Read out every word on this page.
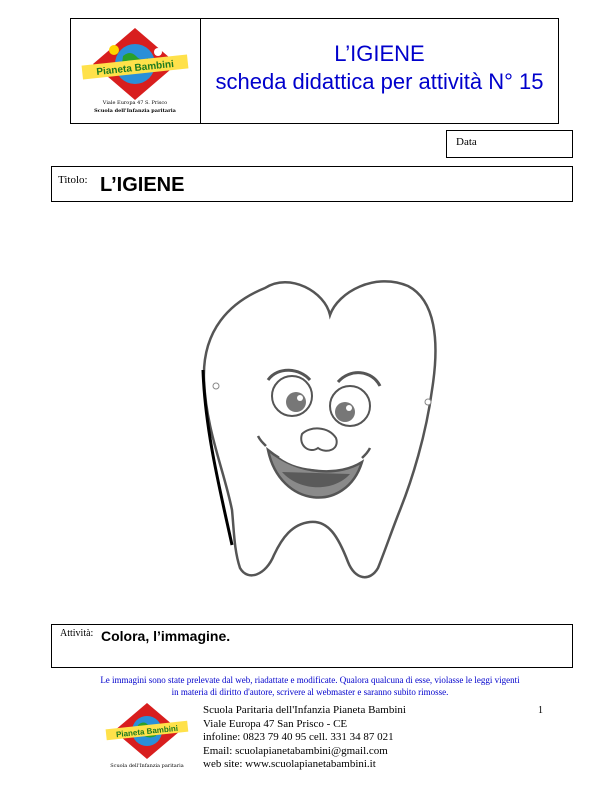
Pianeta Bambini
Viale Europa 47 S. Prisco
Scuola dell'Infanzia paritaria
L’IGIENE
scheda didattica per attività N° 15
Data
Titolo: L’IGIENE
Attività: Colora, l’immagine.
Le immagini sono state prelevate dal web, riadattate e modificate. Qualora qualcuna di esse, violasse le leggi vigenti
in materia di diritto d'autore, scrivere al webmaster e saranno subito rimosse.
1
Pianeta Bambini
Scuola dell'Infanzia paritaria
Scuola Paritaria dell'Infanzia Pianeta Bambini
Viale Europa 47 San Prisco - CE
infoline: 0823 79 40 95 cell. 331 34 87 021
Email: scuolapianetabambini@gmail.com
web site: www.scuolapianetabambini.it
